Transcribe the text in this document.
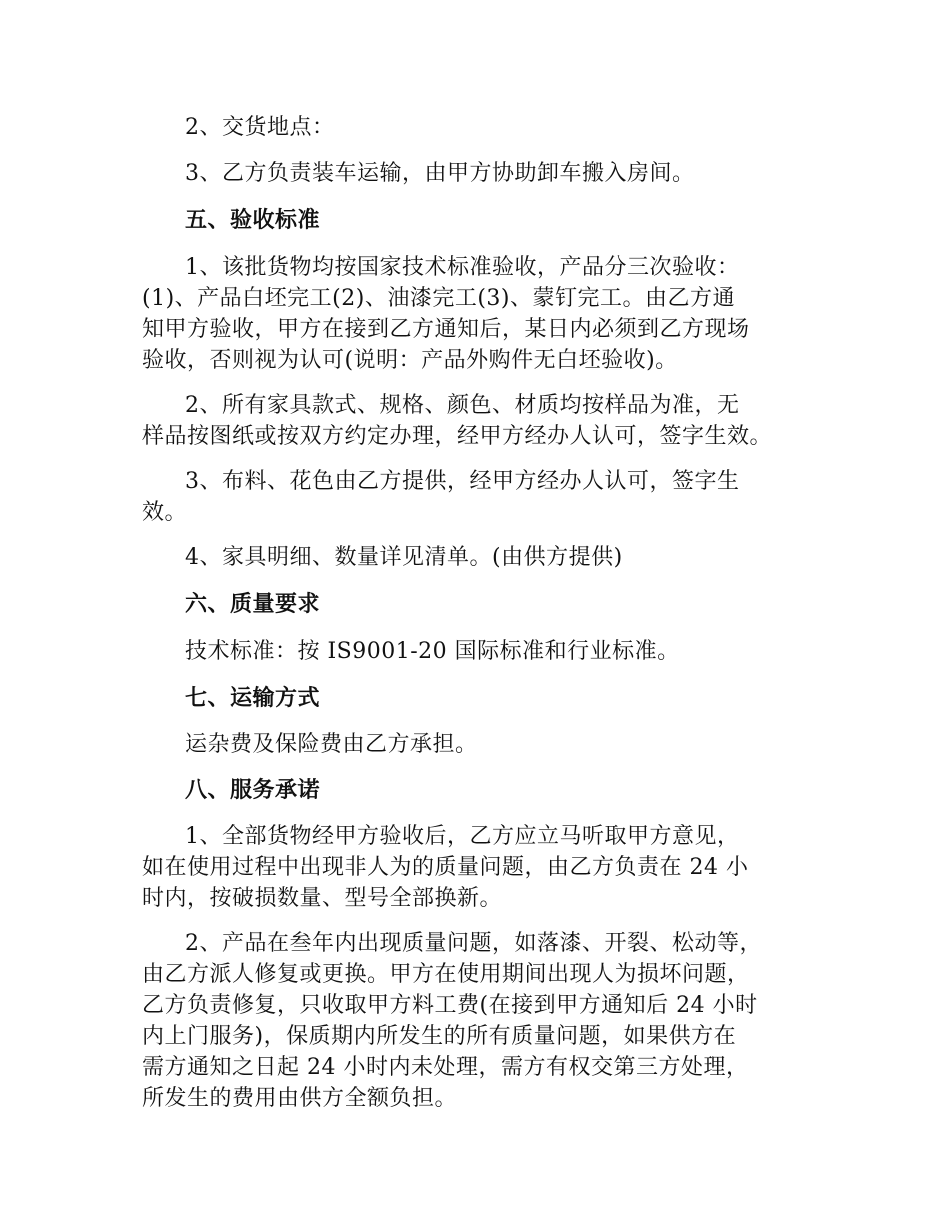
2、交货地点：
3、乙方负责装车运输，由甲方协助卸车搬入房间。
五、验收标准
1、该批货物均按国家技术标准验收，产品分三次验收：
(1)、产品白坯完工(2)、油漆完工(3)、蒙钉完工。由乙方通
知甲方验收，甲方在接到乙方通知后，某日内必须到乙方现场
验收，否则视为认可(说明：产品外购件无白坯验收)。
2、所有家具款式、规格、颜色、材质均按样品为准，无
样品按图纸或按双方约定办理，经甲方经办人认可，签字生效。
3、布料、花色由乙方提供，经甲方经办人认可，签字生
效。
4、家具明细、数量详见清单。(由供方提供)
六、质量要求
技术标准：按 IS9001-20 国际标准和行业标准。
七、运输方式
运杂费及保险费由乙方承担。
八、服务承诺
1、全部货物经甲方验收后，乙方应立马听取甲方意见，
如在使用过程中出现非人为的质量问题，由乙方负责在 24 小
时内，按破损数量、型号全部换新。
2、产品在叁年内出现质量问题，如落漆、开裂、松动等，
由乙方派人修复或更换。甲方在使用期间出现人为损坏问题，
乙方负责修复，只收取甲方料工费(在接到甲方通知后 24 小时
内上门服务)，保质期内所发生的所有质量问题，如果供方在
需方通知之日起 24 小时内未处理，需方有权交第三方处理，
所发生的费用由供方全额负担。
